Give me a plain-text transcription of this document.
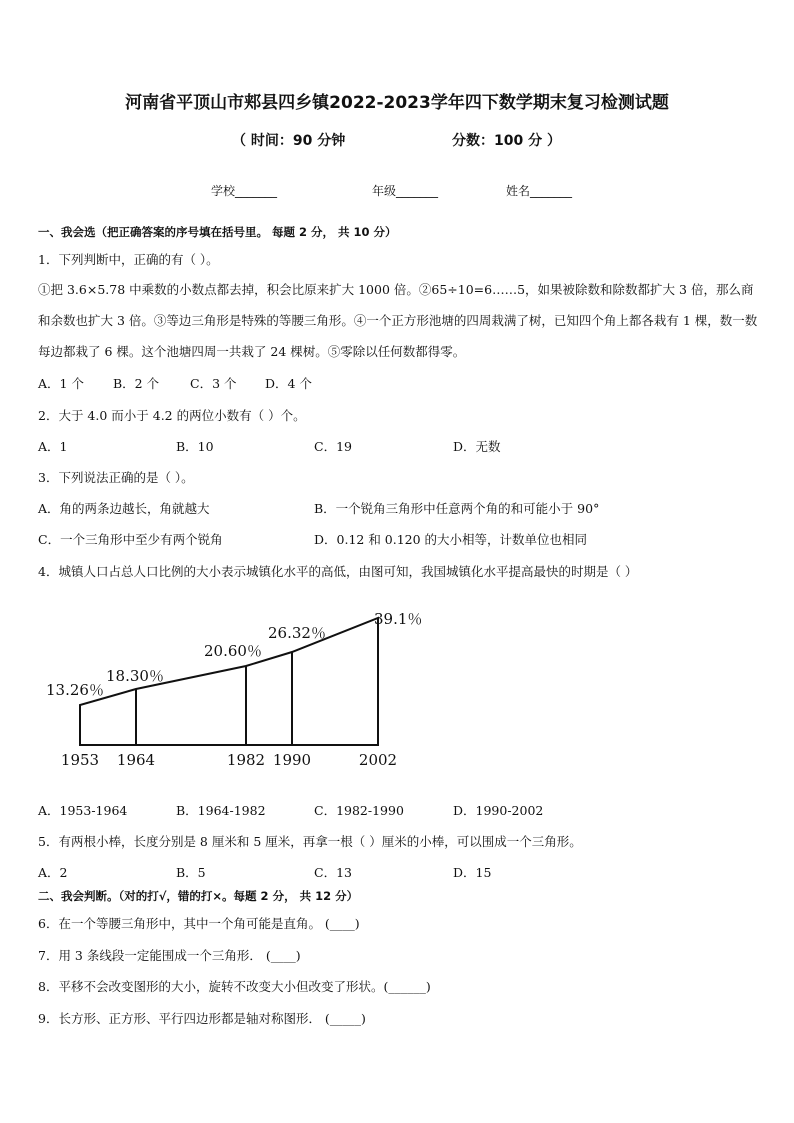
河南省平顶山市郏县四乡镇2022-2023学年四下数学期末复习检测试题
（ 时间：90 分钟	分数：100 分 ）
学校_______	年级_______	姓名_______
一、我会选（把正确答案的序号填在括号里。 每题 2 分， 共 10 分）
1．下列判断中，正确的有（ ）。
①把 3.6×5.78 中乘数的小数点都去掉，积会比原来扩大 1000 倍。②65÷10=6……5，如果被除数和除数都扩大 3 倍，那么商和余数也扩大 3 倍。③等边三角形是特殊的等腰三角形。④一个正方形池塘的四周栽满了树，已知四个角上都各栽有 1 棵，数一数每边都栽了 6 棵。这个池塘四周一共栽了 24 棵树。⑤零除以任何数都得零。
A．1 个 B．2 个 C．3 个 D．4 个
2．大于 4.0 而小于 4.2 的两位小数有（ ）个。
A．1	B．10	C．19	D．无数
3．下列说法正确的是（ ）。
A．角的两条边越长，角就越大	B．一个锐角三角形中任意两个角的和可能小于 90°
C．一个三角形中至少有两个锐角	D．0.12 和 0.120 的大小相等，计数单位也相同
4．城镇人口占总人口比例的大小表示城镇化水平的高低，由图可知，我国城镇化水平提高最快的时期是（ ）
1953 1964	1982 1990	2002
13.26％
18.30％
20.60％
26.32％
39.1％
A．1953-1964	B．1964-1982	C．1982-1990	D．1990-2002
5．有两根小棒，长度分别是 8 厘米和 5 厘米，再拿一根（ ）厘米的小棒，可以围成一个三角形。
A．2	B．5	C．13	D．15
二、我会判断。（对的打√，错的打×。每题 2 分， 共 12 分）
6．在一个等腰三角形中，其中一个角可能是直角。 (____)
7．用 3 条线段一定能围成一个三角形． (____)
8．平移不会改变图形的大小，旋转不改变大小但改变了形状。(______)
9．长方形、正方形、平行四边形都是轴对称图形． (_____)
